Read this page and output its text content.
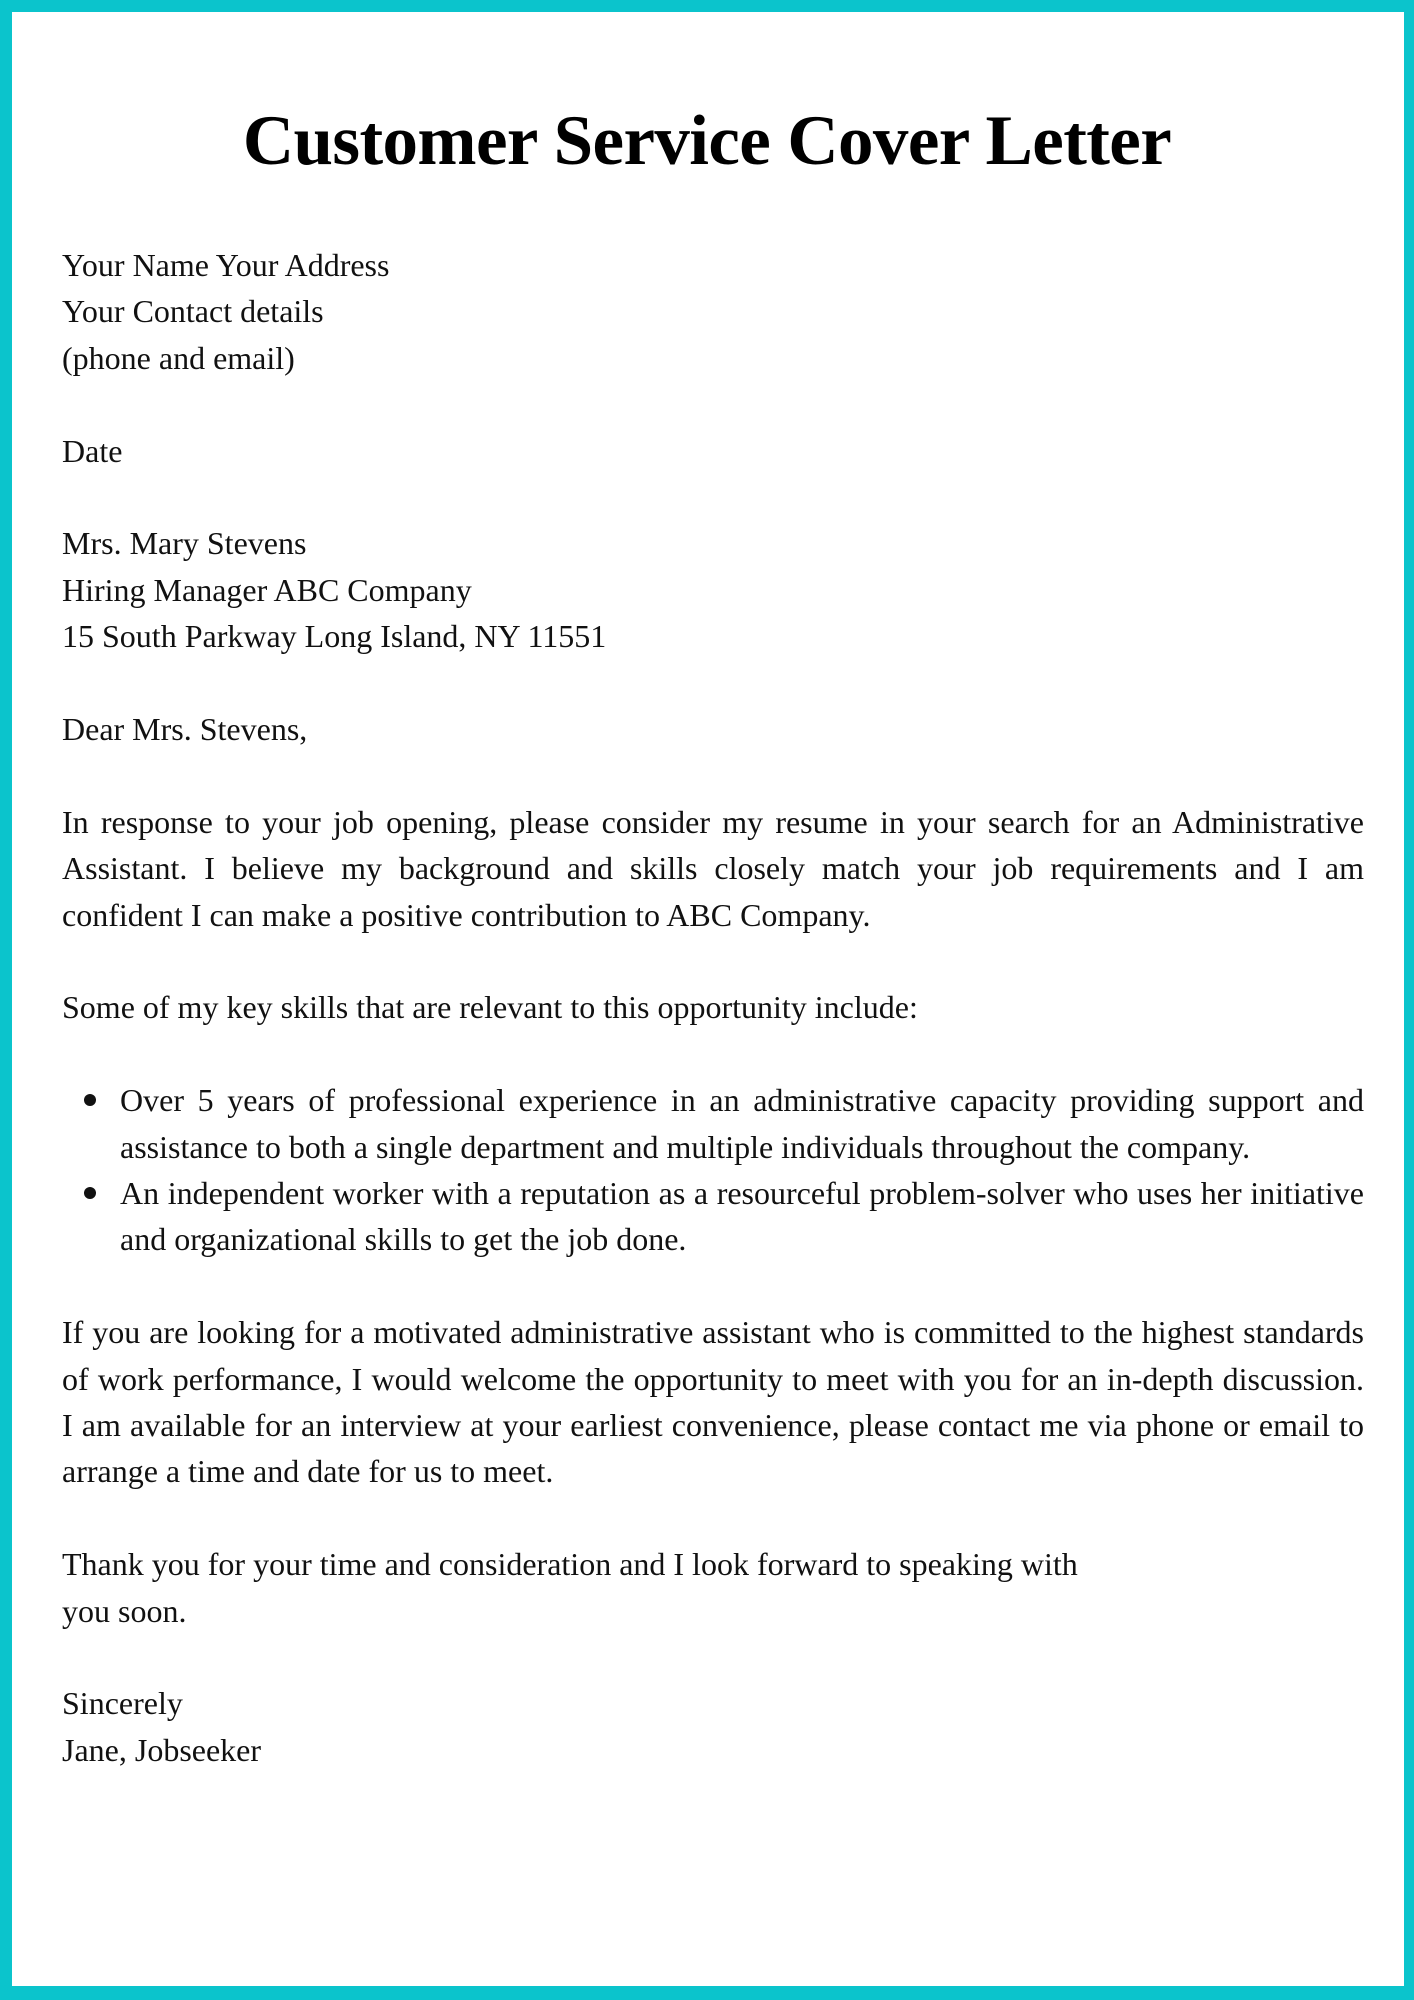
Customer Service Cover Letter

Your Name Your Address
Your Contact details
(phone and email)

Date

Mrs. Mary Stevens
Hiring Manager ABC Company
15 South Parkway Long Island, NY 11551

Dear Mrs. Stevens,

In response to your job opening, please consider my resume in your search for an Administrative Assistant. I believe my background and skills closely match your job requirements and I am confident I can make a positive contribution to ABC Company.

Some of my key skills that are relevant to this opportunity include:

Over 5 years of professional experience in an administrative capacity providing support and assistance to both a single department and multiple individuals throughout the company.
An independent worker with a reputation as a resourceful problem-solver who uses her initiative and organizational skills to get the job done.

If you are looking for a motivated administrative assistant who is committed to the highest standards of work performance, I would welcome the opportunity to meet with you for an in-depth discussion. I am available for an interview at your earliest convenience, please contact me via phone or email to arrange a time and date for us to meet.

Thank you for your time and consideration and I look forward to speaking with
you soon.

Sincerely

Jane, Jobseeker
